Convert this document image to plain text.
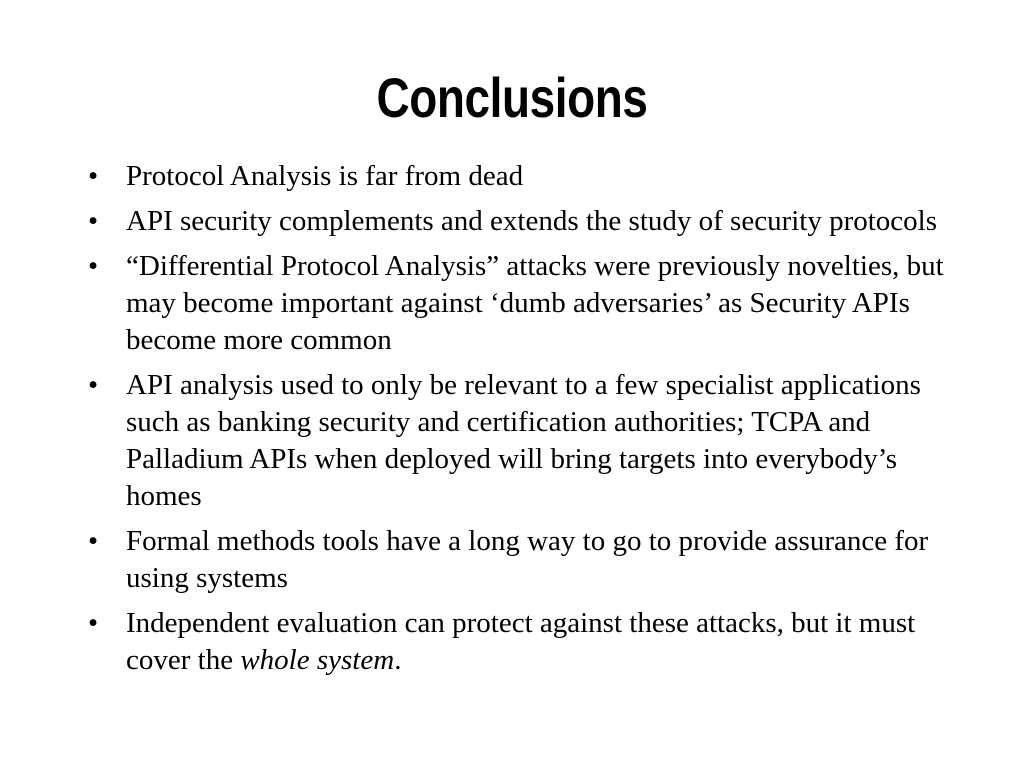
Conclusions
• Protocol Analysis is far from dead
• API security complements and extends the study of security protocols
• “Differential Protocol Analysis” attacks were previously novelties, but may become important against ‘dumb adversaries’ as Security APIs become more common
• API analysis used to only be relevant to a few specialist applications such as banking security and certification authorities; TCPA and Palladium APIs when deployed will bring targets into everybody’s homes
• Formal methods tools have a long way to go to provide assurance for using systems
• Independent evaluation can protect against these attacks, but it must cover the whole system.
